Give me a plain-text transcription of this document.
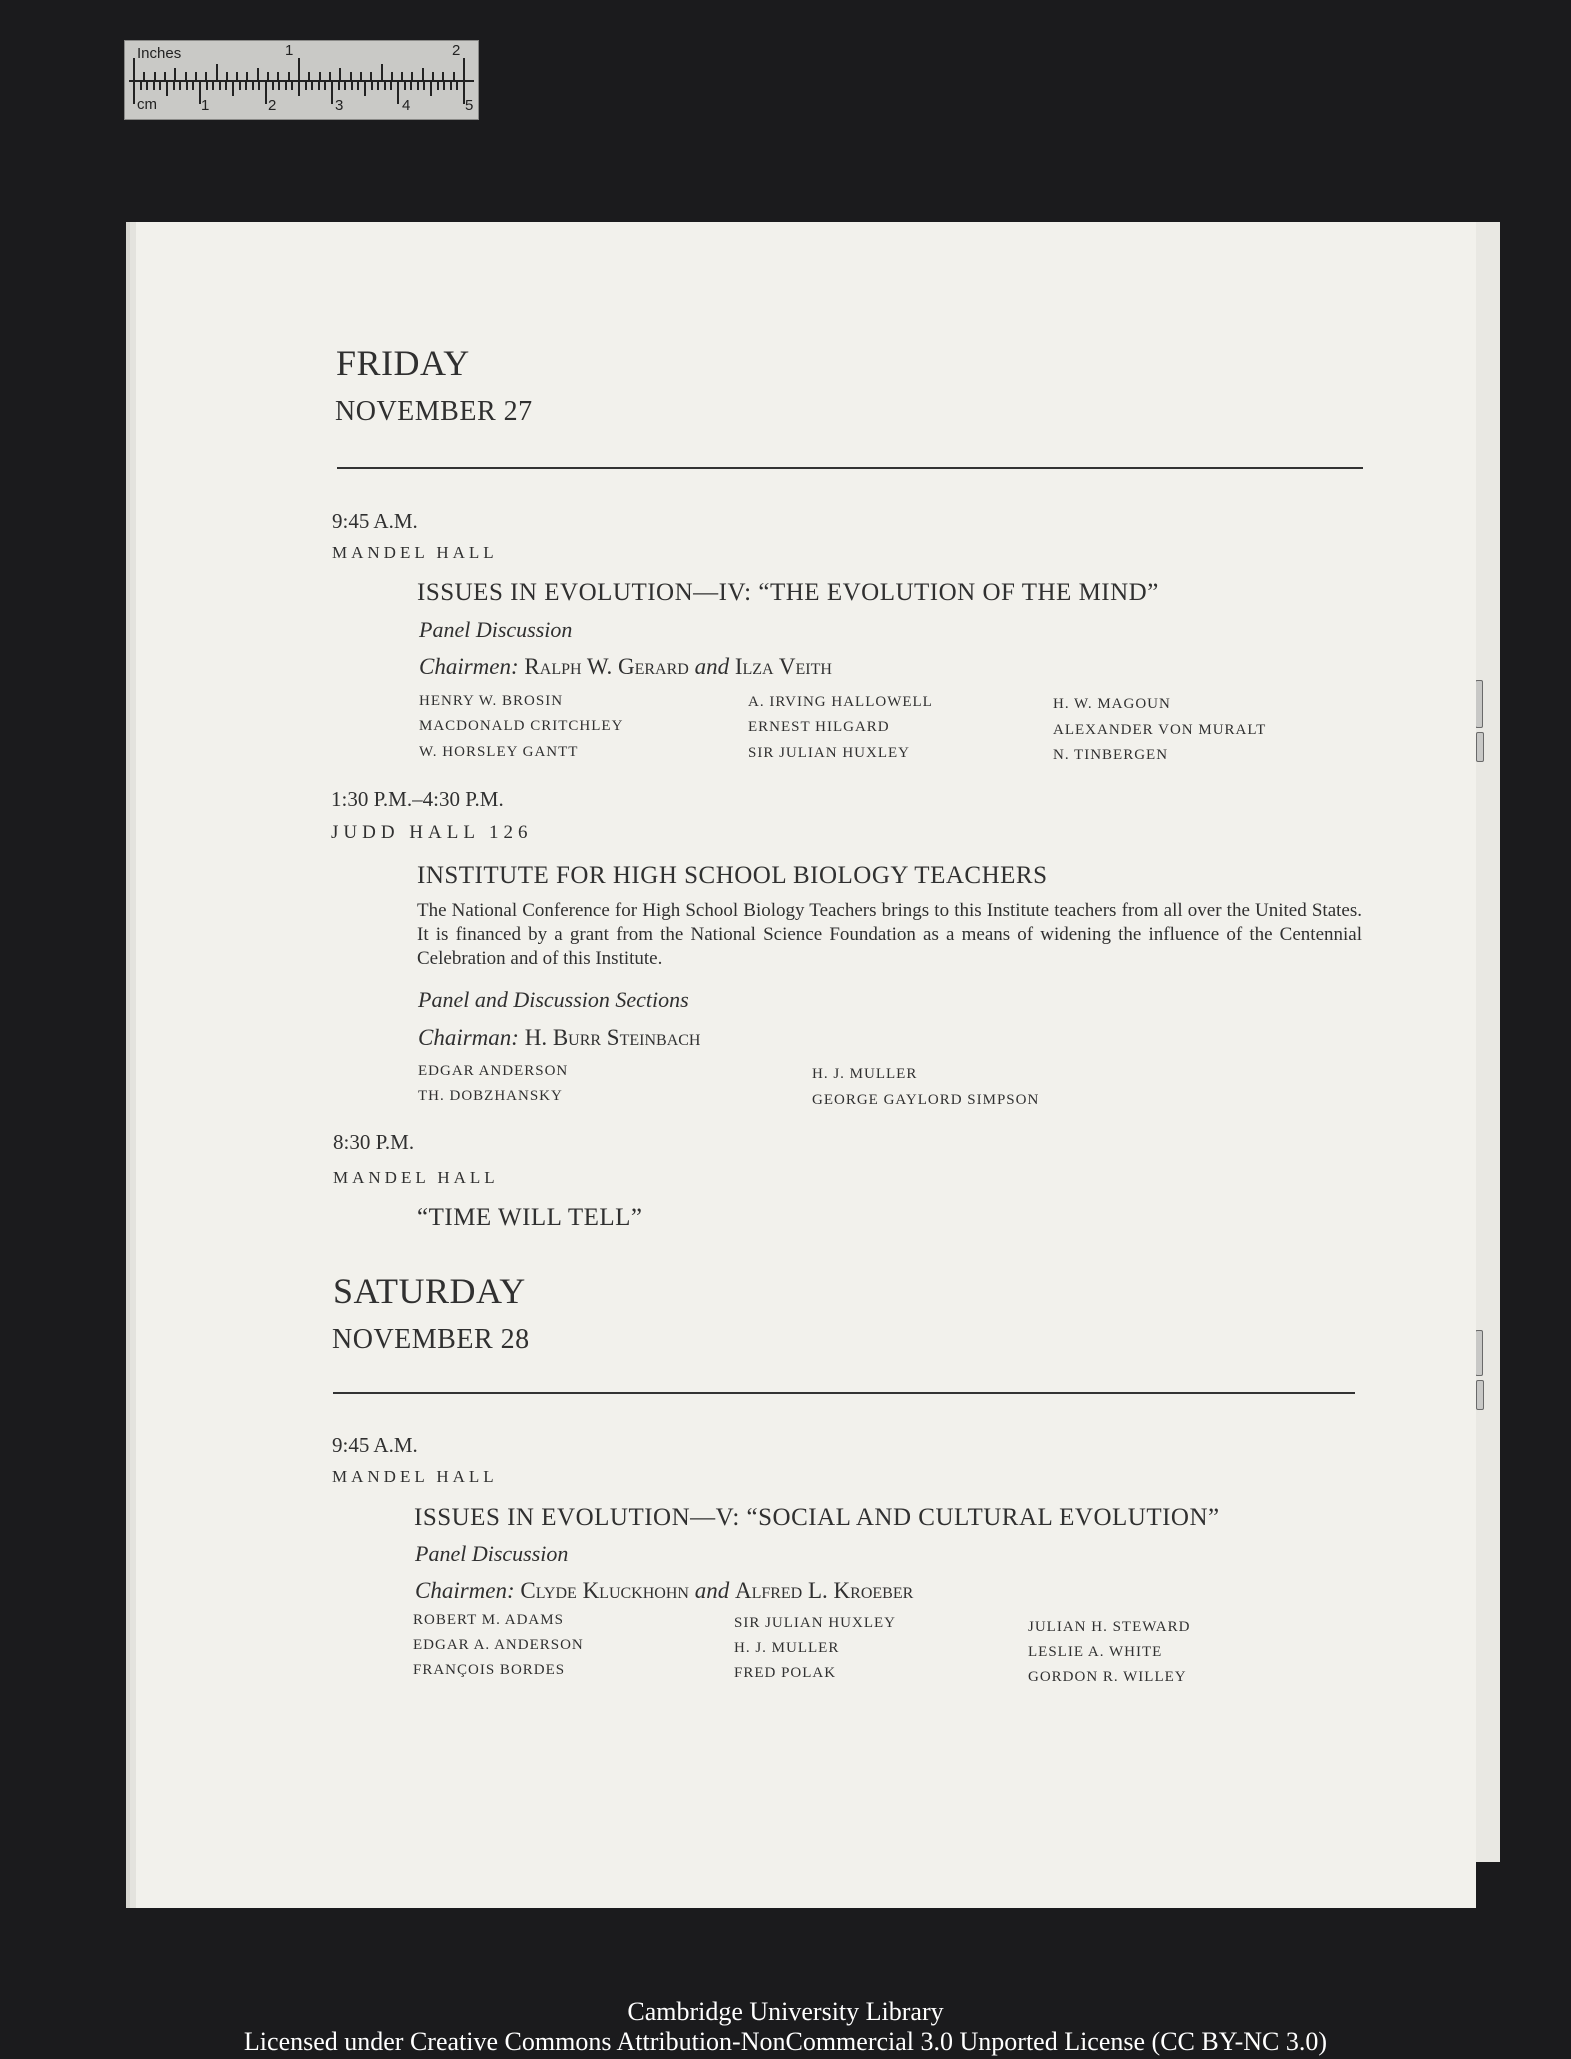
Inches	1	2
cm	1	2	3	4	5
FRIDAY
NOVEMBER 27
9:45 A.M.
MANDEL HALL
ISSUES IN EVOLUTION—IV: “THE EVOLUTION OF THE MIND”
Panel Discussion
Chairmen: Ralph W. Gerard and Ilza Veith
HENRY W. BROSIN
MACDONALD CRITCHLEY
W. HORSLEY GANTT
A. IRVING HALLOWELL
ERNEST HILGARD
SIR JULIAN HUXLEY
H. W. MAGOUN
ALEXANDER VON MURALT
N. TINBERGEN
1:30 P.M.–4:30 P.M.
JUDD HALL 126
INSTITUTE FOR HIGH SCHOOL BIOLOGY TEACHERS
The National Conference for High School Biology Teachers brings to this Institute teachers from all over the United States. It is financed by a grant from the National Science Foundation as a means of widening the influence of the Centennial Celebration and of this Institute.
Panel and Discussion Sections
Chairman: H. Burr Steinbach
EDGAR ANDERSON
TH. DOBZHANSKY
H. J. MULLER
GEORGE GAYLORD SIMPSON
8:30 P.M.
MANDEL HALL
“TIME WILL TELL”
SATURDAY
NOVEMBER 28
9:45 A.M.
MANDEL HALL
ISSUES IN EVOLUTION—V: “SOCIAL AND CULTURAL EVOLUTION”
Panel Discussion
Chairmen: Clyde Kluckhohn and Alfred L. Kroeber
ROBERT M. ADAMS
EDGAR A. ANDERSON
FRANÇOIS BORDES
SIR JULIAN HUXLEY
H. J. MULLER
FRED POLAK
JULIAN H. STEWARD
LESLIE A. WHITE
GORDON R. WILLEY
Cambridge University Library
Licensed under Creative Commons Attribution-NonCommercial 3.0 Unported License (CC BY-NC 3.0)
